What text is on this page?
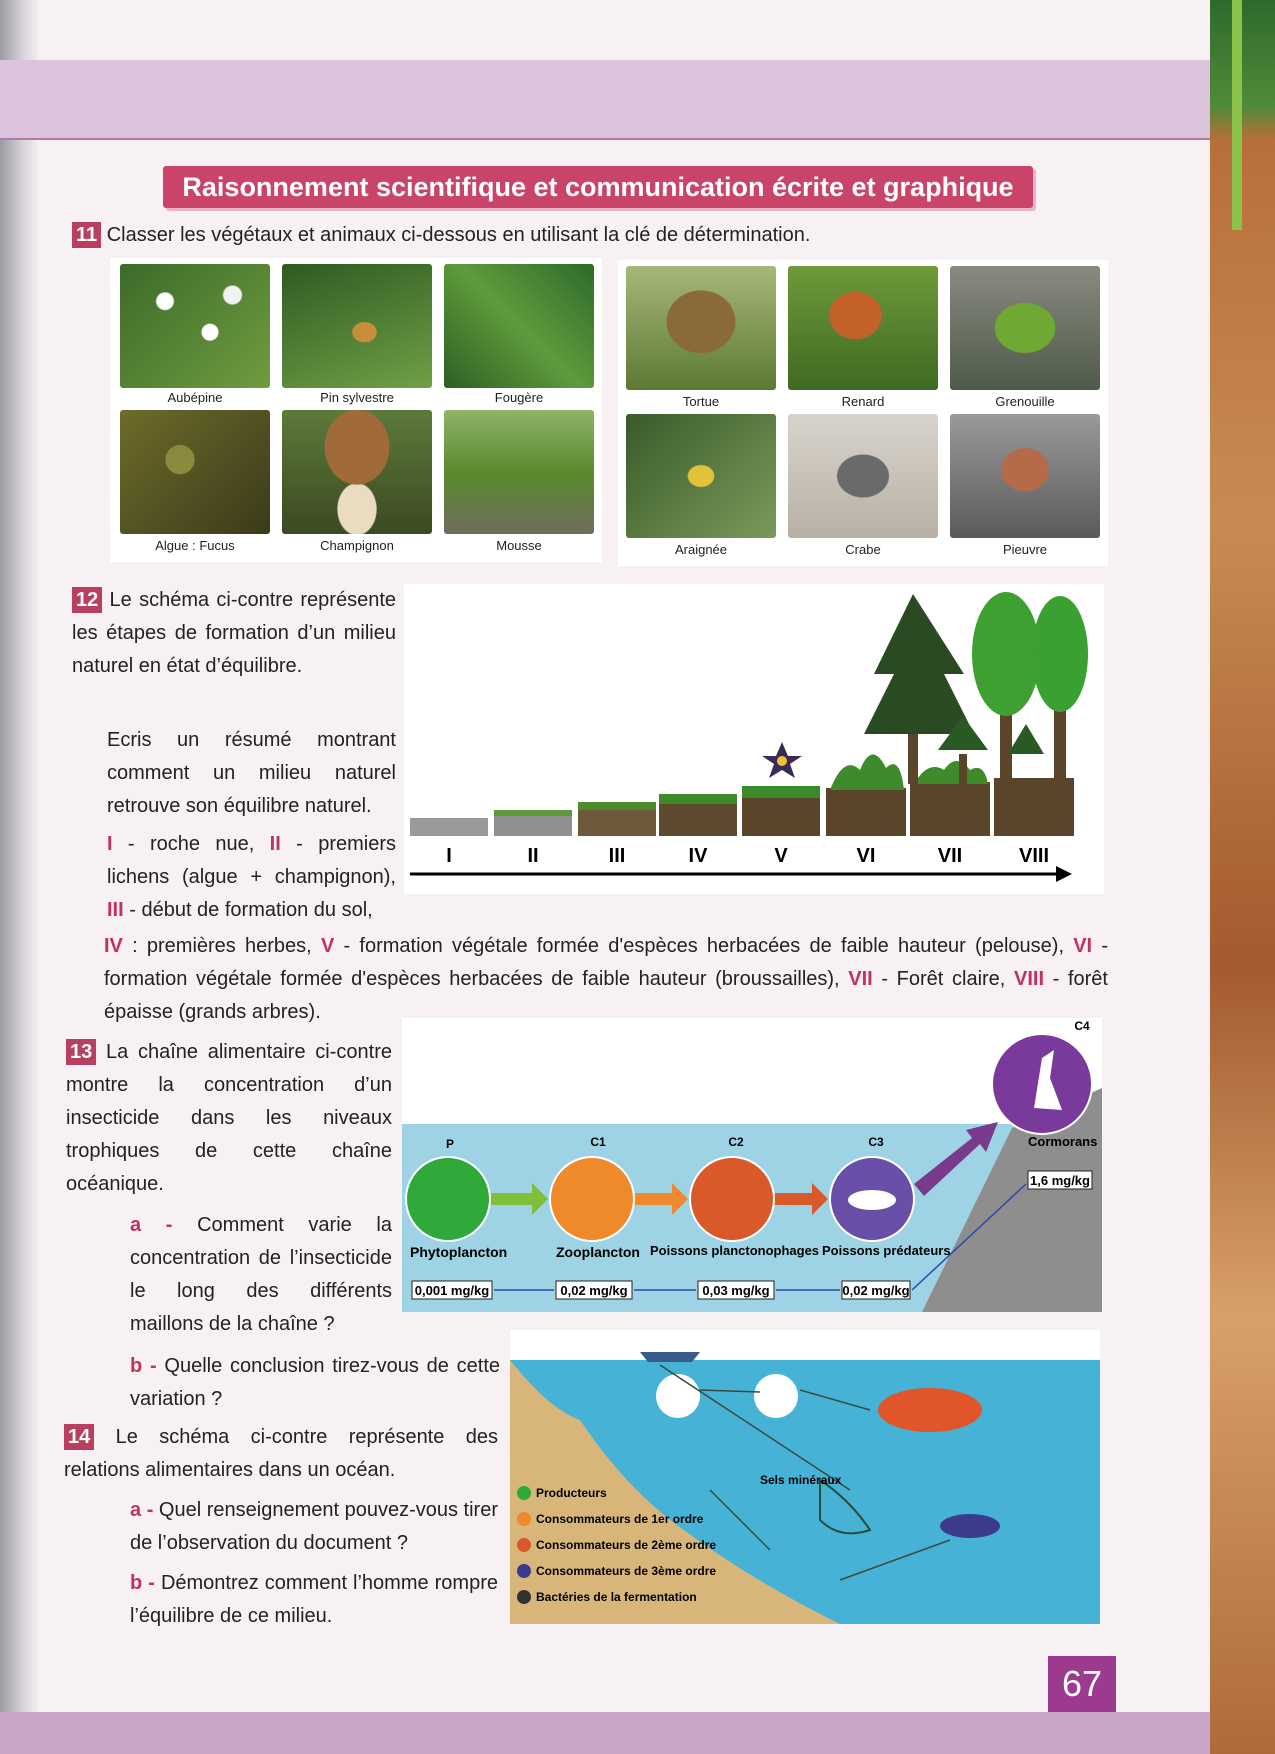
Raisonnement scientifique et communication écrite et graphique
11 Classer les végétaux et animaux ci-dessous en utilisant la clé de détermination.
Aubépine	Pin sylvestre	Fougère
Algue : Fucus	Champignon	Mousse
Tortue	Renard	Grenouille
Araignée	Crabe	Pieuvre
12 Le schéma ci-contre représente les étapes de formation d’un milieu naturel en état d’équilibre.
Ecris un résumé montrant comment un milieu naturel retrouve son équilibre naturel.
I - roche nue, II - premiers lichens (algue + champignon), III - début de formation du sol,
IV : premières herbes, V - formation végétale formée d'espèces herbacées de faible hauteur (pelouse), VI - formation végétale formée d'espèces herbacées de faible hauteur (broussailles), VII - Forêt claire, VIII - forêt épaisse (grands arbres).
I	II	III	IV	V	VI	VII	VIII
13 La chaîne alimentaire ci-contre montre la concentration d’un insecticide dans les niveaux trophiques de cette chaîne océanique.
a - Comment varie la concentration de l’insecticide le long des différents maillons de la chaîne ?
b - Quelle conclusion tirez-vous de cette variation ?
P	C1	C2	C3
C4
Phytoplancton	Zooplancton Poissons planctonophages Poissons prédateurs
Cormorans
0,001 mg/kg	0,02 mg/kg	0,03 mg/kg	0,02 mg/kg
1,6 mg/kg
14 Le schéma ci-contre représente des relations alimentaires dans un océan.
a - Quel renseignement pouvez-vous tirer de l’observation du document ?
b - Démontrez comment l’homme rompre l’équilibre de ce milieu.
Sels minéraux
Producteurs
Consommateurs de 1er ordre
Consommateurs de 2ème ordre
Consommateurs de 3ème ordre
Bactéries de la fermentation
67
